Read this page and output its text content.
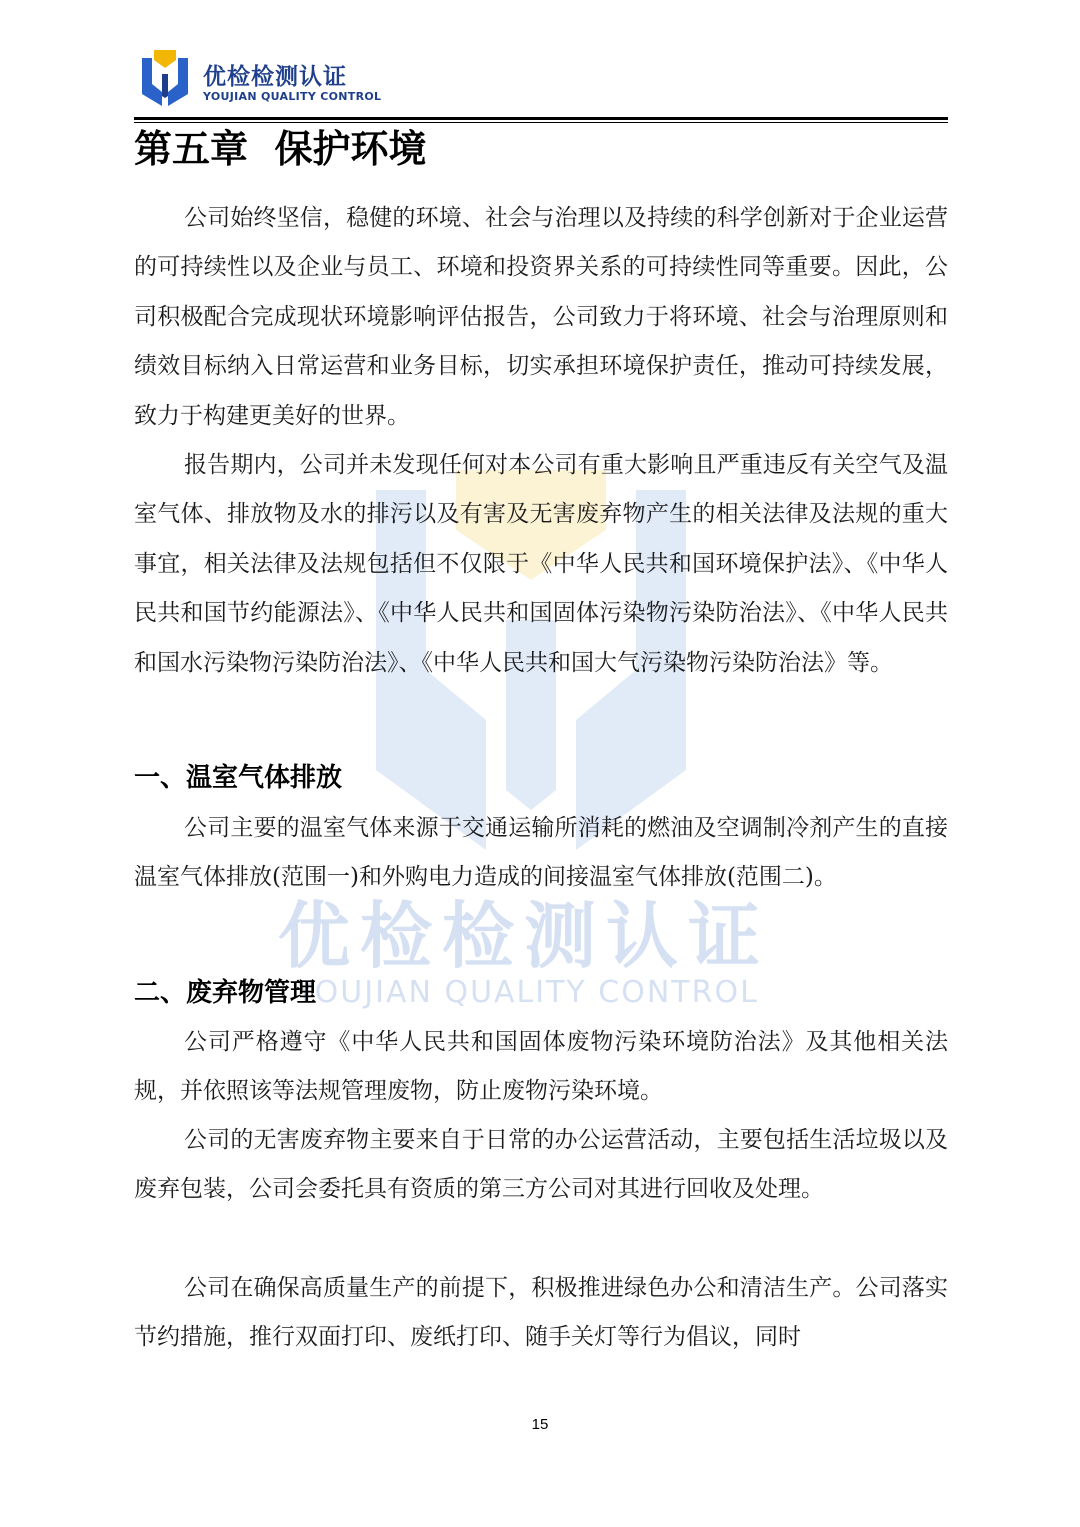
优检检测认证
YOUJIAN QUALITY CONTROL
优检检测认证
YOUJIAN QUALITY CONTROL
第五章  保护环境

公司始终坚信，稳健的环境、社会与治理以及持续的科学创新对于企业运营的可持续性以及企业与员工、环境和投资界关系的可持续性同等重要。因此，公司积极配合完成现状环境影响评估报告，公司致力于将环境、社会与治理原则和绩效目标纳入日常运营和业务目标，切实承担环境保护责任，推动可持续发展，致力于构建更美好的世界。

报告期内，公司并未发现任何对本公司有重大影响且严重违反有关空气及温室气体、排放物及水的排污以及有害及无害废弃物产生的相关法律及法规的重大事宜，相关法律及法规包括但不仅限于《中华人民共和国环境保护法》、《中华人民共和国节约能源法》、《中华人民共和国固体污染物污染防治法》、《中华人民共和国水污染物污染防治法》、《中华人民共和国大气污染物污染防治法》等。

一、温室气体排放

公司主要的温室气体来源于交通运输所消耗的燃油及空调制冷剂产生的直接温室气体排放(范围一)和外购电力造成的间接温室气体排放(范围二)。

二、废弃物管理

公司严格遵守《中华人民共和国固体废物污染环境防治法》及其他相关法规，并依照该等法规管理废物，防止废物污染环境。

公司的无害废弃物主要来自于日常的办公运营活动，主要包括生活垃圾以及废弃包装，公司会委托具有资质的第三方公司对其进行回收及处理。

公司在确保高质量生产的前提下，积极推进绿色办公和清洁生产。公司落实节约措施，推行双面打印、废纸打印、随手关灯等行为倡议，同时

15
